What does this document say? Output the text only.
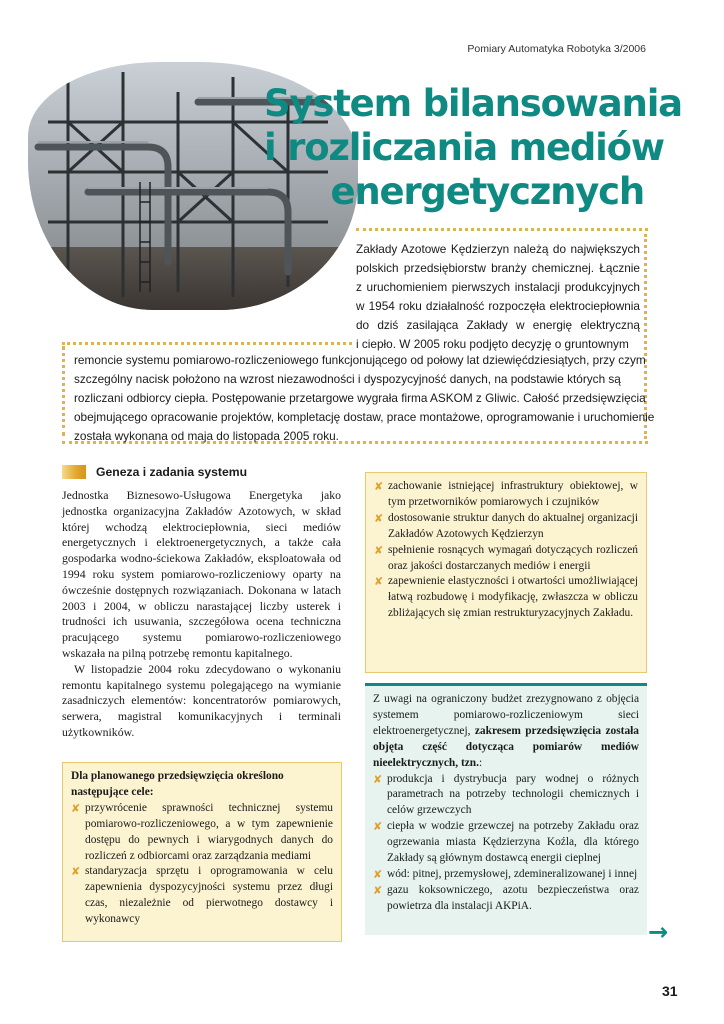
Pomiary Automatyka Robotyka 3/2006
System bilansowania
i rozliczania mediów
energetycznych
Zakłady Azotowe Kędzierzyn należą do największych
polskich przedsiębiorstw branży chemicznej. Łącznie
z uruchomieniem pierwszych instalacji produkcyjnych
w 1954 roku działalność rozpoczęła elektrociepłownia
do dziś zasilająca Zakłady w energię elektryczną
i ciepło. W 2005 roku podjęto decyzję o gruntownym
remoncie systemu pomiarowo-rozliczeniowego funkcjonującego od połowy lat dziewięćdziesiątych, przy czym
szczególny nacisk położono na wzrost niezawodności i dyspozycyjność danych, na podstawie których są
rozliczani odbiorcy ciepła. Postępowanie przetargowe wygrała firma ASKOM z Gliwic. Całość przedsięwzięcia
obejmującego opracowanie projektów, kompletację dostaw, prace montażowe, oprogramowanie i uruchomienie
została wykonana od maja do listopada 2005 roku.
Geneza i zadania systemu

Jednostka Biznesowo-Usługowa Energetyka jako jednostka organizacyjna Zakładów Azotowych, w skład której wchodzą elektrociepłownia, sieci mediów energetycznych i elektroenergetycznych, a także cała gospodarka wodno-ściekowa Zakładów, eksploatowała od 1994 roku system pomiarowo-rozliczeniowy oparty na ówcześnie dostępnych rozwiązaniach. Dokonana w latach 2003 i 2004, w obliczu narastającej liczby usterek i trudności ich usuwania, szczegółowa ocena techniczna pracującego systemu pomiarowo-rozliczeniowego wskazała na pilną potrzebę remontu kapitalnego.

W listopadzie 2004 roku zdecydowano o wykonaniu remontu kapitalnego systemu polegającego na wymianie zasadniczych elementów: koncentratorów pomiarowych, serwera, magistral komunikacyjnych i terminali użytkowników.

Dla planowanego przedsięwzięcia określono następujące cele:
✘ przywrócenie sprawności technicznej systemu pomiarowo-rozliczeniowego, a w tym zapewnienie dostępu do pewnych i wiarygodnych danych do rozliczeń z odbiorcami oraz zarządzania mediami
✘ standaryzacja sprzętu i oprogramowania w celu zapewnienia dyspozycyjności systemu przez długi czas, niezależnie od pierwotnego dostawcy i wykonawcy
✘ zachowanie istniejącej infrastruktury obiektowej, w tym przetworników pomiarowych i czujników
✘ dostosowanie struktur danych do aktualnej organizacji Zakładów Azotowych Kędzierzyn
✘ spełnienie rosnących wymagań dotyczących rozliczeń oraz jakości dostarczanych mediów i energii
✘ zapewnienie elastyczności i otwartości umożliwiającej łatwą rozbudowę i modyfikację, zwłaszcza w obliczu zbliżających się zmian restrukturyzacyjnych Zakładu.

Z uwagi na ograniczony budżet zrezygnowano z objęcia systemem pomiarowo-rozliczeniowym sieci elektroenergetycznej, zakresem przedsięwzięcia została objęta część dotycząca pomiarów mediów nieelektrycznych, tzn.:

✘ produkcja i dystrybucja pary wodnej o różnych parametrach na potrzeby technologii chemicznych i celów grzewczych
✘ ciepła w wodzie grzewczej na potrzeby Zakładu oraz ogrzewania miasta Kędzierzyna Koźla, dla którego Zakłady są głównym dostawcą energii cieplnej
✘ wód: pitnej, przemysłowej, zdemineralizowanej i innej
✘ gazu koksowniczego, azotu bezpieczeństwa oraz powietrza dla instalacji AKPiA.
→
31
